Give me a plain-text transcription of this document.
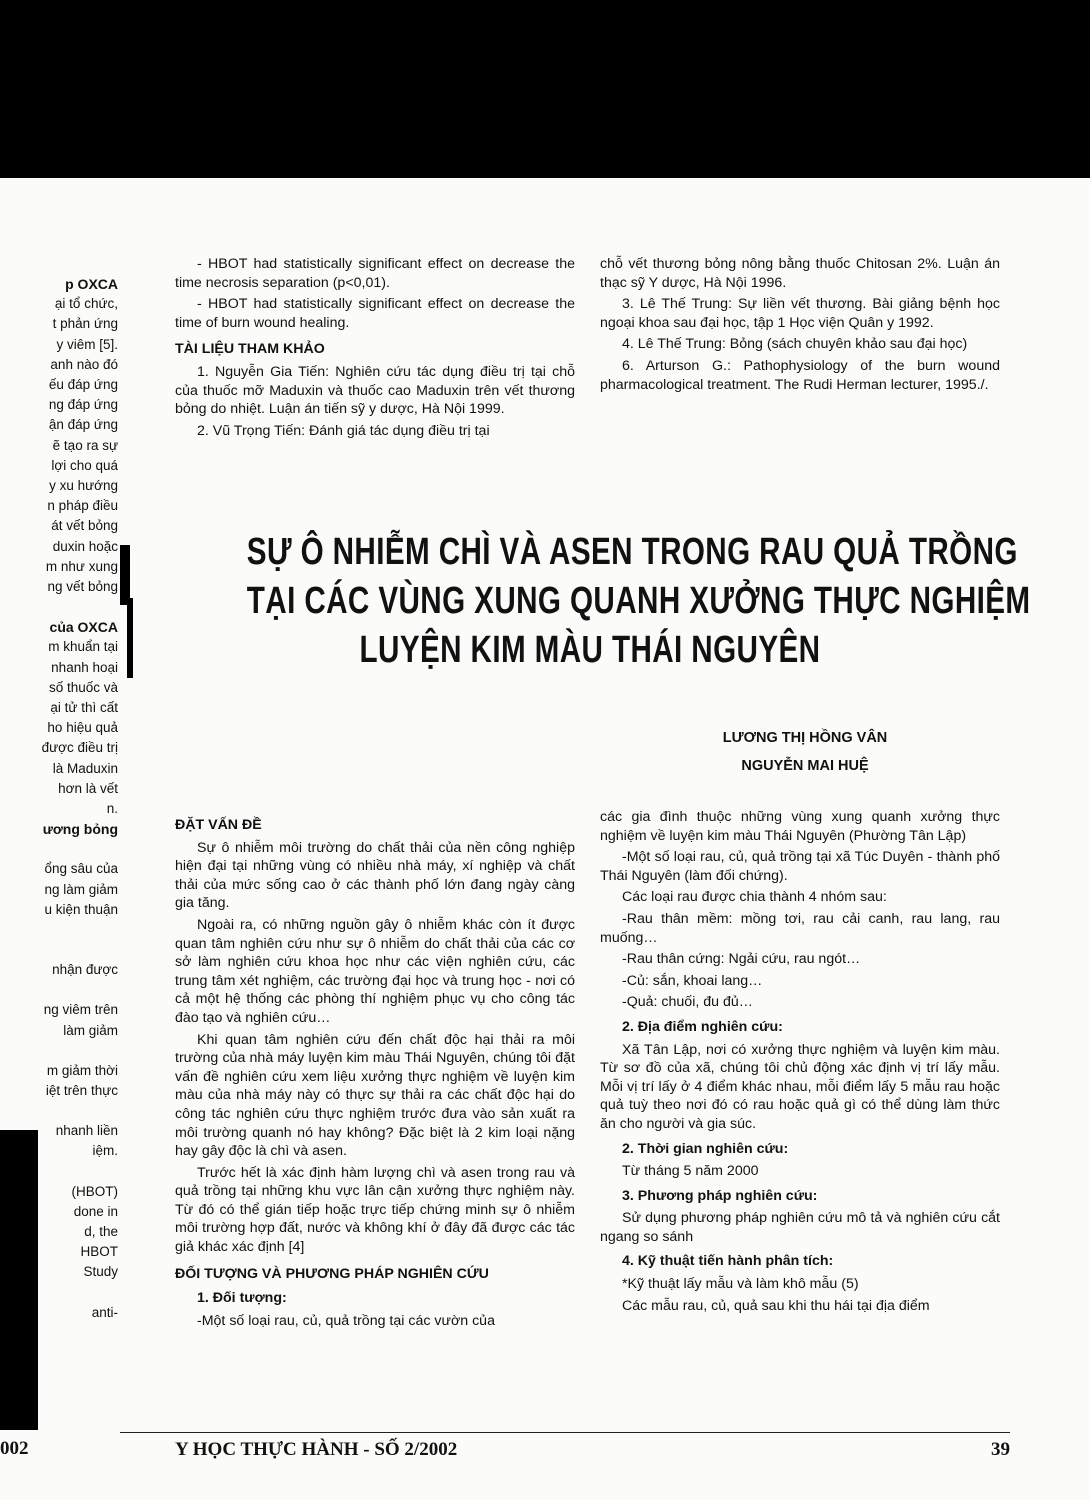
p OXCA
ại tổ chức,
t phản ứng
y viêm [5].
anh nào đó
ếu đáp ứng
ng đáp ứng
ận đáp ứng
ẽ tạo ra sự
lợi cho quá
y xu hướng
n pháp điều
át vết bỏng
duxin hoặc
m như xung
ng vết bỏng

của OXCA
m khuẩn tại
nhanh hoại
số thuốc và
ại tử thì cất
ho hiệu quả
được điều trị
là Maduxin
hơn là vết
n.
ương bỏng

ổng sâu của
ng làm giảm
u kiện thuận

nhận được

ng viêm trên
làm giảm

m giảm thời
iệt trên thực

nhanh liền
iệm.

(HBOT)
done in
d, the
HBOT
Study

anti-
002

- HBOT had statistically significant effect on decrease the time necrosis separation (p<0,01).

- HBOT had statistically significant effect on decrease the time of burn wound healing.

TÀI LIỆU THAM KHẢO

1. Nguyễn Gia Tiến: Nghiên cứu tác dụng điều trị tại chỗ của thuốc mỡ Maduxin và thuốc cao Maduxin trên vết thương bỏng do nhiệt. Luận án tiến sỹ y dược, Hà Nội 1999.

2. Vũ Trọng Tiến: Đánh giá tác dụng điều trị tại

chỗ vết thương bỏng nông bằng thuốc Chitosan 2%. Luận án thạc sỹ Y dược, Hà Nội 1996.

3. Lê Thế Trung: Sự liền vết thương. Bài giảng bệnh học ngoại khoa sau đại học, tập 1 Học viện Quân y 1992.

4. Lê Thế Trung: Bỏng (sách chuyên khảo sau đại học)

6. Arturson G.: Pathophysiology of the burn wound pharmacological treatment. The Rudi Herman lecturer, 1995./.

SỰ Ô NHIỄM CHÌ VÀ ASEN TRONG RAU QUẢ TRỒNG
TẠI CÁC VÙNG XUNG QUANH XƯỞNG THỰC NGHIỆM
LUYỆN KIM MÀU THÁI NGUYÊN
LƯƠNG THỊ HỒNG VÂN
NGUYỄN MAI HUỆ
ĐẶT VẤN ĐỀ

Sự ô nhiễm môi trường do chất thải của nền công nghiệp hiện đại tại những vùng có nhiều nhà máy, xí nghiệp và chất thải của mức sống cao ở các thành phố lớn đang ngày càng gia tăng.

Ngoài ra, có những nguồn gây ô nhiễm khác còn ít được quan tâm nghiên cứu như sự ô nhiễm do chất thải của các cơ sở làm nghiên cứu khoa học như các viện nghiên cứu, các trung tâm xét nghiệm, các trường đại học và trung học - nơi có cả một hệ thống các phòng thí nghiệm phục vụ cho công tác đào tạo và nghiên cứu…

Khi quan tâm nghiên cứu đến chất độc hại thải ra môi trường của nhà máy luyện kim màu Thái Nguyên, chúng tôi đặt vấn đề nghiên cứu xem liệu xưởng thực nghiệm về luyện kim màu của nhà máy này có thực sự thải ra các chất độc hại do công tác nghiên cứu thực nghiệm trước đưa vào sản xuất ra môi trường quanh nó hay không? Đặc biệt là 2 kim loại nặng hay gây độc là chì và asen.

Trước hết là xác định hàm lượng chì và asen trong rau và quả trồng tại những khu vực lân cận xưởng thực nghiệm này. Từ đó có thể gián tiếp hoặc trực tiếp chứng minh sự ô nhiễm môi trường hợp đất, nước và không khí ở đây đã được các tác giả khác xác định [4]

ĐỐI TƯỢNG VÀ PHƯƠNG PHÁP NGHIÊN CỨU
1. Đối tượng:

-Một số loại rau, củ, quả trồng tại các vườn của

các gia đình thuộc những vùng xung quanh xưởng thực nghiệm về luyện kim màu Thái Nguyên (Phường Tân Lập)

-Một số loại rau, củ, quả trồng tại xã Túc Duyên - thành phố Thái Nguyên (làm đối chứng).

Các loại rau được chia thành 4 nhóm sau:

-Rau thân mềm: mồng tơi, rau cải canh, rau lang, rau muống…

-Rau thân cứng: Ngải cứu, rau ngót…

-Củ: sắn, khoai lang…

-Quả: chuối, đu đủ…

2. Địa điểm nghiên cứu:

Xã Tân Lập, nơi có xưởng thực nghiệm và luyện kim màu. Từ sơ đồ của xã, chúng tôi chủ động xác định vị trí lấy mẫu. Mỗi vị trí lấy ở 4 điểm khác nhau, mỗi điểm lấy 5 mẫu rau hoặc quả tuỳ theo nơi đó có rau hoặc quả gì có thể dùng làm thức ăn cho người và gia súc.

2. Thời gian nghiên cứu:

Từ tháng 5 năm 2000

3. Phương pháp nghiên cứu:

Sử dụng phương pháp nghiên cứu mô tả và nghiên cứu cắt ngang so sánh

4. Kỹ thuật tiến hành phân tích:

*Kỹ thuật lấy mẫu và làm khô mẫu (5)

Các mẫu rau, củ, quả sau khi thu hái tại địa điểm

Y HỌC THỰC HÀNH - SỐ 2/2002	39
